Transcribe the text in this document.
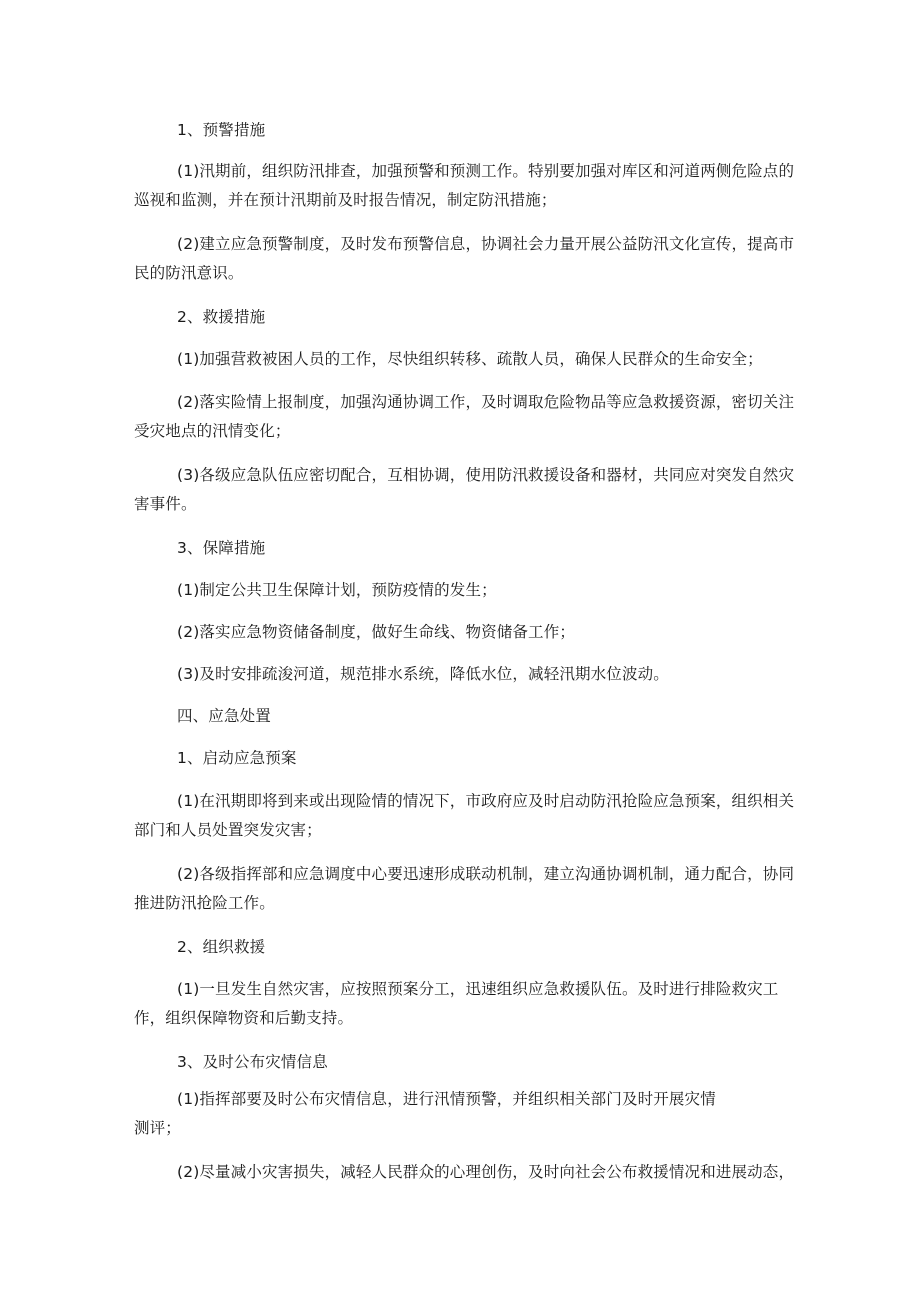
1、预警措施
(1)汛期前，组织防汛排查，加强预警和预测工作。特别要加强对库区和河道两侧危险点的
巡视和监测，并在预计汛期前及时报告情况，制定防汛措施；
(2)建立应急预警制度，及时发布预警信息，协调社会力量开展公益防汛文化宣传，提高市
民的防汛意识。
2、救援措施
(1)加强营救被困人员的工作，尽快组织转移、疏散人员，确保人民群众的生命安全；
(2)落实险情上报制度，加强沟通协调工作，及时调取危险物品等应急救援资源，密切关注
受灾地点的汛情变化；
(3)各级应急队伍应密切配合，互相协调，使用防汛救援设备和器材，共同应对突发自然灾
害事件。
3、保障措施
(1)制定公共卫生保障计划，预防疫情的发生；
(2)落实应急物资储备制度，做好生命线、物资储备工作；
(3)及时安排疏浚河道，规范排水系统，降低水位，减轻汛期水位波动。
四、应急处置
1、启动应急预案
(1)在汛期即将到来或出现险情的情况下，市政府应及时启动防汛抢险应急预案，组织相关
部门和人员处置突发灾害；
(2)各级指挥部和应急调度中心要迅速形成联动机制，建立沟通协调机制，通力配合，协同
推进防汛抢险工作。
2、组织救援
(1)一旦发生自然灾害，应按照预案分工，迅速组织应急救援队伍。及时进行排险救灾工
作，组织保障物资和后勤支持。
3、及时公布灾情信息
(1)指挥部要及时公布灾情信息，进行汛情预警，并组织相关部门及时开展灾情
测评；
(2)尽量减小灾害损失，减轻人民群众的心理创伤，及时向社会公布救援情况和进展动态，
